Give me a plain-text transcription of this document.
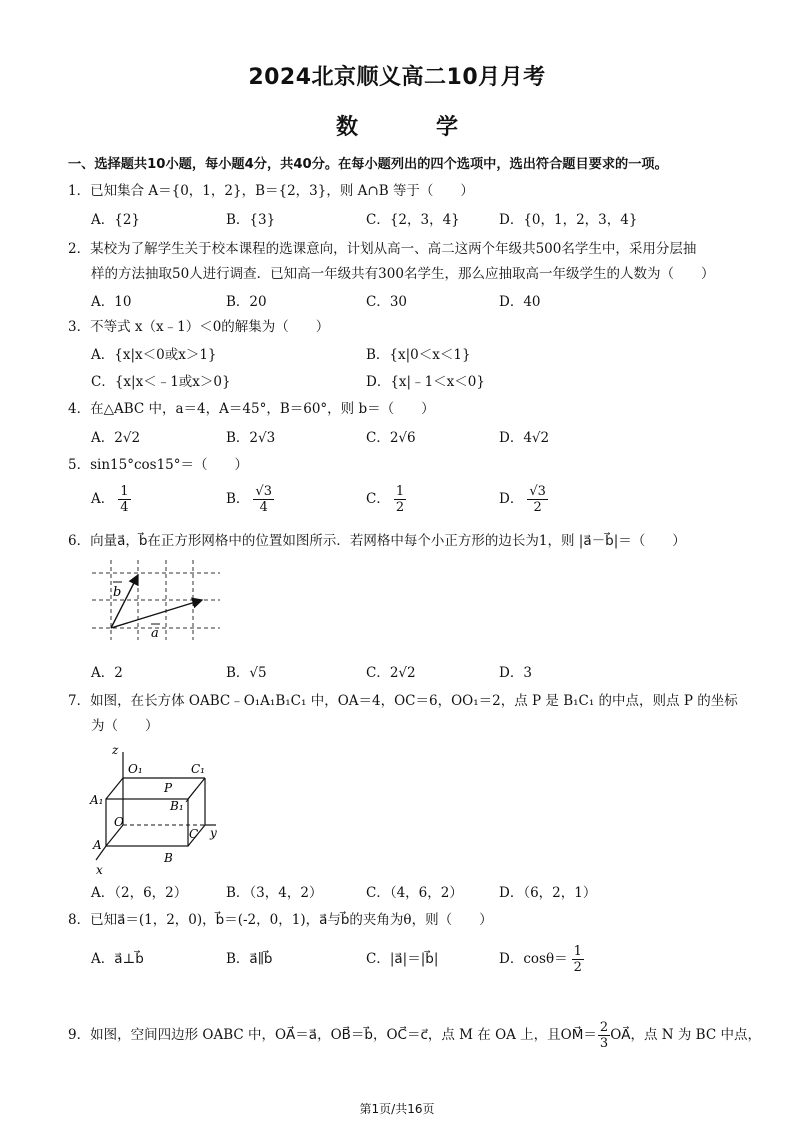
2024北京顺义高二10月月考
数　学
一、选择题共10小题，每小题4分，共40分。在每小题列出的四个选项中，选出符合题目要求的一项。
1．已知集合 A＝{0，1，2}，B＝{2，3}，则 A∩B 等于（　　）
A．{2}	B．{3}	C．{2，3，4}	D．{0，1，2，3，4}
2．某校为了解学生关于校本课程的选课意向，计划从高一、高二这两个年级共500名学生中，采用分层抽
样的方法抽取50人进行调查．已知高一年级共有300名学生，那么应抽取高一年级学生的人数为（　　）
A．10	B．20	C．30	D．40
3．不等式 x（x﹣1）＜0的解集为（　　）
A．{x|x＜0或x＞1}	B．{x|0＜x＜1}
C．{x|x＜﹣1或x＞0}	D．{x|﹣1＜x＜0}
4．在△ABC 中，a＝4，A＝45°，B＝60°，则 b＝（　　）
A．2√2	B．2√3	C．2√6	D．4√2
5．sin15°cos15°＝（　　）
A． $\frac{1}{4}$	B． $\frac{√3}{4}$	C． $\frac{1}{2}$	D． $\frac{√3}{2}$
6．向量a⃗，b⃗在正方形网格中的位置如图所示．若网格中每个小正方形的边长为1，则 |a⃗－b⃗|＝（　　）
b
a
A．2	B．√5	C．2√2	D．3
7．如图，在长方体 OABC﹣O₁A₁B₁C₁ 中，OA＝4，OC＝6，OO₁＝2，点 P 是 B₁C₁ 的中点，则点 P 的坐标
为（　　）
z
O₁	C₁
P
A₁	B₁
O
C y
A
B
x
A．（2，6，2）	B．（3，4，2）	C．（4，6，2）	D．（6，2，1）
8．已知a⃗＝(1，2，0)，b⃗＝(-2，0，1)，a⃗与b⃗的夹角为θ，则（　　）
A．a⃗⊥b⃗	B．a⃗∥b⃗	C．|a⃗|＝|b⃗|	D．$\cos\theta= \frac{1}{2}$
9．如图，空间四边形 OABC 中，OA⃗＝a⃗，OB⃗＝b⃗，OC⃗＝c⃗，点 M 在 OA 上，且OM⃗＝ $\frac{2}{3}$ OA⃗，点 N 为 BC 中点，
第1页/共16页
